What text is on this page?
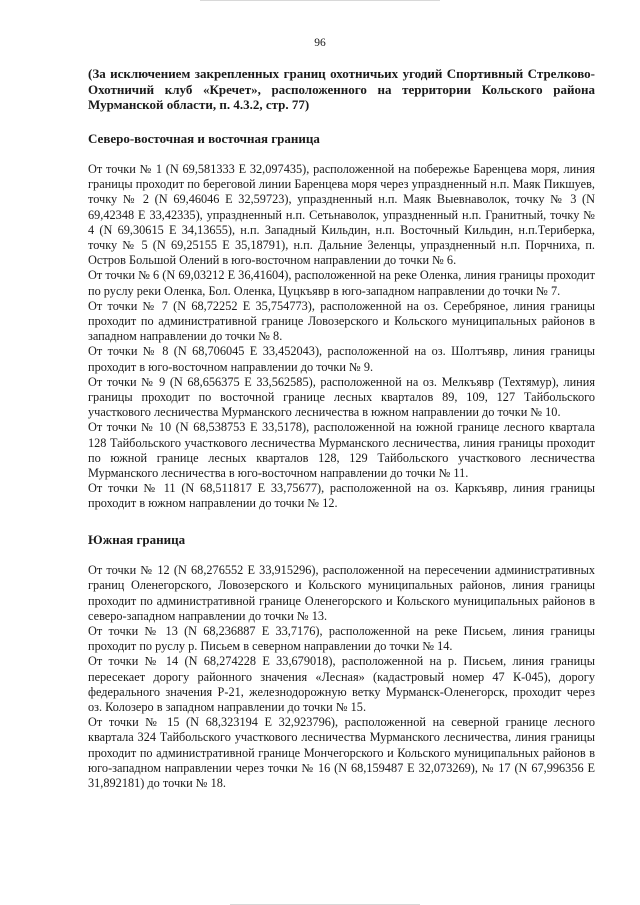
96

(За исключением закрепленных границ охотничьих угодий Спортивный Стрелково-Охотничий клуб «Кречет», расположенного на территории Кольского района Мурманской области, п. 4.3.2, стр. 77)

Северо-восточная и восточная граница

От точки № 1 (N 69,581333 E 32,097435), расположенной на побережье Баренцева моря, линия границы проходит по береговой линии Баренцева моря через упраздненный н.п. Маяк Пикшуев, точку № 2 (N 69,46046 E 32,59723), упраздненный н.п. Маяк Выевнаволок, точку № 3 (N 69,42348 E 33,42335), упраздненный н.п. Сетьнаволок, упраздненный н.п. Гранитный, точку № 4 (N 69,30615 E 34,13655), н.п. Западный Кильдин, н.п. Восточный Кильдин, н.п.Териберка, точку № 5 (N 69,25155 E 35,18791), н.п. Дальние Зеленцы, упраздненный н.п. Порчниха, п. Остров Большой Олений в юго-восточном направлении до точки № 6.

От точки № 6 (N 69,03212 E 36,41604), расположенной на реке Оленка, линия границы проходит по руслу реки Оленка, Бол. Оленка, Цуцкъявр в юго-западном направлении до точки № 7.

От точки № 7 (N 68,72252 E 35,754773), расположенной на оз. Серебряное, линия границы проходит по административной границе Ловозерского и Кольского муниципальных районов в западном направлении до точки № 8.

От точки № 8 (N 68,706045 E 33,452043), расположенной на оз. Шолтъявр, линия границы проходит в юго-восточном направлении до точки № 9.

От точки № 9 (N 68,656375 E 33,562585), расположенной на оз. Мелкъявр (Техтямур), линия границы проходит по восточной границе лесных кварталов 89, 109, 127 Тайбольского участкового лесничества Мурманского лесничества в южном направлении до точки № 10.

От точки № 10 (N 68,538753 E 33,5178), расположенной на южной границе лесного квартала 128 Тайбольского участкового лесничества Мурманского лесничества, линия границы проходит по южной границе лесных кварталов 128, 129 Тайбольского участкового лесничества Мурманского лесничества в юго-восточном направлении до точки № 11.

От точки № 11 (N 68,511817 E 33,75677), расположенной на оз. Каркъявр, линия границы проходит в южном направлении до точки № 12.

Южная граница

От точки № 12 (N 68,276552 E 33,915296), расположенной на пересечении административных границ Оленегорского, Ловозерского и Кольского муниципальных районов, линия границы проходит по административной границе Оленегорского и Кольского муниципальных районов в северо-западном направлении до точки № 13.

От точки № 13 (N 68,236887 E 33,7176), расположенной на реке Письем, линия границы проходит по руслу р. Письем в северном направлении до точки № 14.

От точки № 14 (N 68,274228 E 33,679018), расположенной на р. Письем, линия границы пересекает дорогу районного значения «Лесная» (кадастровый номер 47 К-045), дорогу федерального значения Р-21, железнодорожную ветку Мурманск-Оленегорск, проходит через оз. Колозеро в западном направлении до точки № 15.

От точки № 15 (N 68,323194 E 32,923796), расположенной на северной границе лесного квартала 324 Тайбольского участкового лесничества Мурманского лесничества, линия границы проходит по административной границе Мончегорского и Кольского муниципальных районов в юго-западном направлении через точки № 16 (N 68,159487 E 32,073269), № 17 (N 67,996356 E 31,892181) до точки № 18.
